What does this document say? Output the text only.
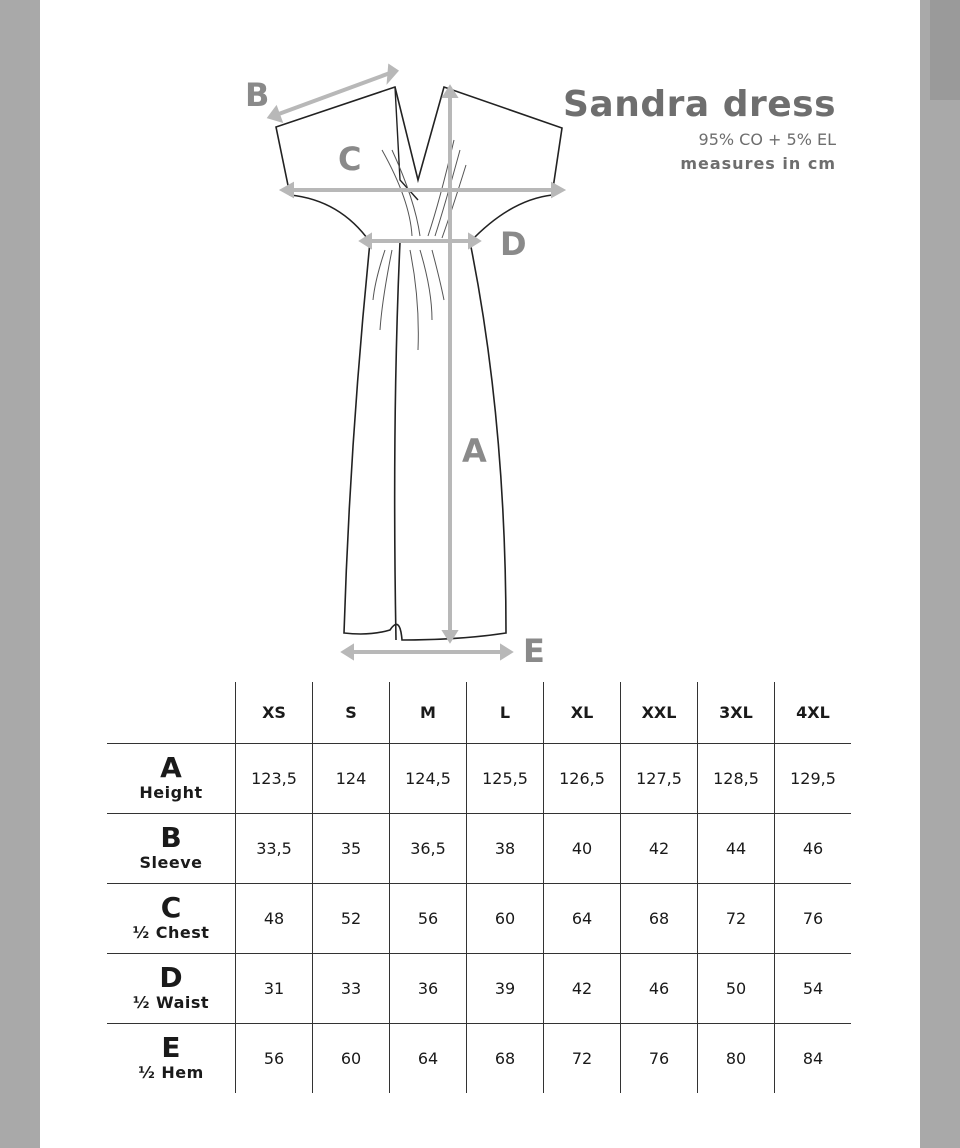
Sandra dress
95% CO + 5% EL
measures in cm
B
C
D
A
E
	XS	S	M	L	XL	XXL	3XL	4XL

A
Height	123,5	124	124,5	125,5	126,5	127,5	128,5	129,5

B
Sleeve	33,5	35	36,5	38	40	42	44	46

C
½ Chest	48	52	56	60	64	68	72	76

D
½ Waist	31	33	36	39	42	46	50	54

E
½ Hem	56	60	64	68	72	76	80	84
